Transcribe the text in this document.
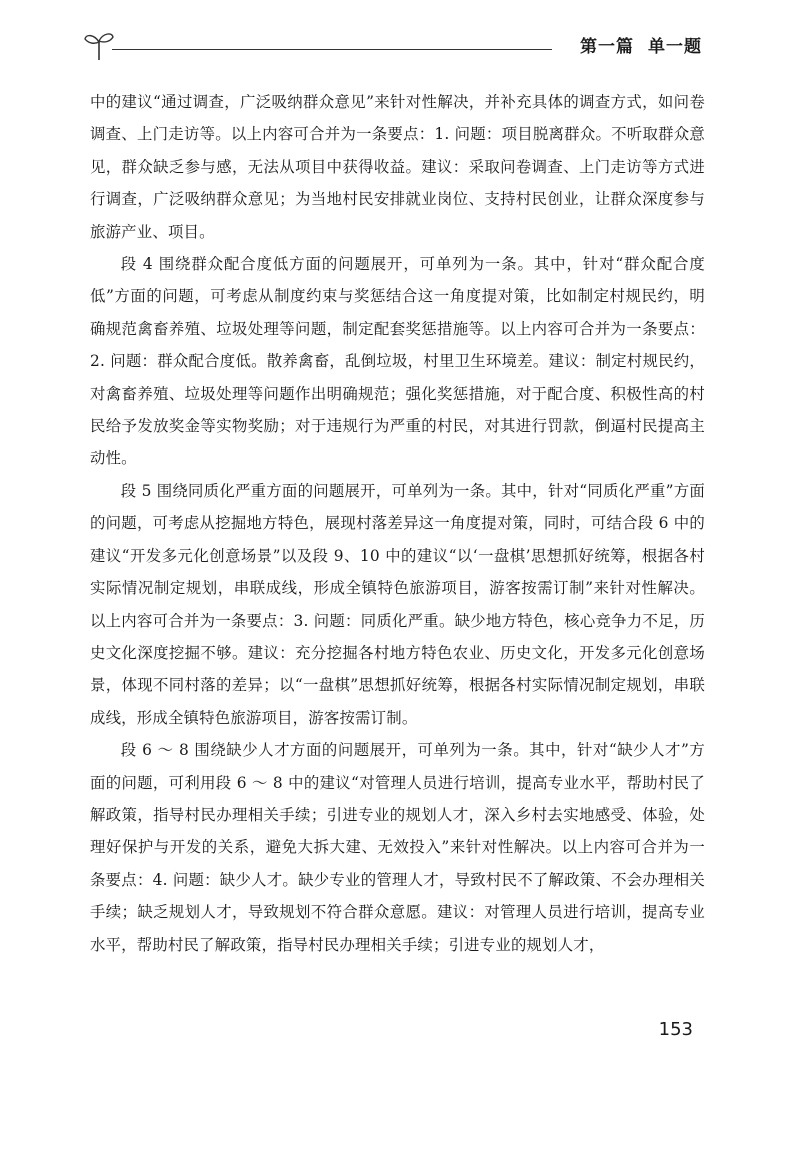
第一篇 单一题

中的建议“通过调查，广泛吸纳群众意见”来针对性解决，并补充具体的调查方式，如问卷调查、上门走访等。以上内容可合并为一条要点：1. 问题：项目脱离群众。不听取群众意见，群众缺乏参与感，无法从项目中获得收益。建议：采取问卷调查、上门走访等方式进行调查，广泛吸纳群众意见；为当地村民安排就业岗位、支持村民创业，让群众深度参与旅游产业、项目。

段 4 围绕群众配合度低方面的问题展开，可单列为一条。其中，针对“群众配合度低”方面的问题，可考虑从制度约束与奖惩结合这一角度提对策，比如制定村规民约，明确规范禽畜养殖、垃圾处理等问题，制定配套奖惩措施等。以上内容可合并为一条要点：2. 问题：群众配合度低。散养禽畜，乱倒垃圾，村里卫生环境差。建议：制定村规民约，对禽畜养殖、垃圾处理等问题作出明确规范；强化奖惩措施，对于配合度、积极性高的村民给予发放奖金等实物奖励；对于违规行为严重的村民，对其进行罚款，倒逼村民提高主动性。

段 5 围绕同质化严重方面的问题展开，可单列为一条。其中，针对“同质化严重”方面的问题，可考虑从挖掘地方特色，展现村落差异这一角度提对策，同时，可结合段 6 中的建议“开发多元化创意场景”以及段 9、10 中的建议“以‘一盘棋’思想抓好统筹，根据各村实际情况制定规划，串联成线，形成全镇特色旅游项目，游客按需订制”来针对性解决。以上内容可合并为一条要点：3. 问题：同质化严重。缺少地方特色，核心竞争力不足，历史文化深度挖掘不够。建议：充分挖掘各村地方特色农业、历史文化，开发多元化创意场景，体现不同村落的差异；以“一盘棋”思想抓好统筹，根据各村实际情况制定规划，串联成线，形成全镇特色旅游项目，游客按需订制。

段 6 ～ 8 围绕缺少人才方面的问题展开，可单列为一条。其中，针对“缺少人才”方面的问题，可利用段 6 ～ 8 中的建议“对管理人员进行培训，提高专业水平，帮助村民了解政策，指导村民办理相关手续；引进专业的规划人才，深入乡村去实地感受、体验，处理好保护与开发的关系，避免大拆大建、无效投入”来针对性解决。以上内容可合并为一条要点：4. 问题：缺少人才。缺少专业的管理人才，导致村民不了解政策、不会办理相关手续；缺乏规划人才，导致规划不符合群众意愿。建议：对管理人员进行培训，提高专业水平，帮助村民了解政策，指导村民办理相关手续；引进专业的规划人才，

153
